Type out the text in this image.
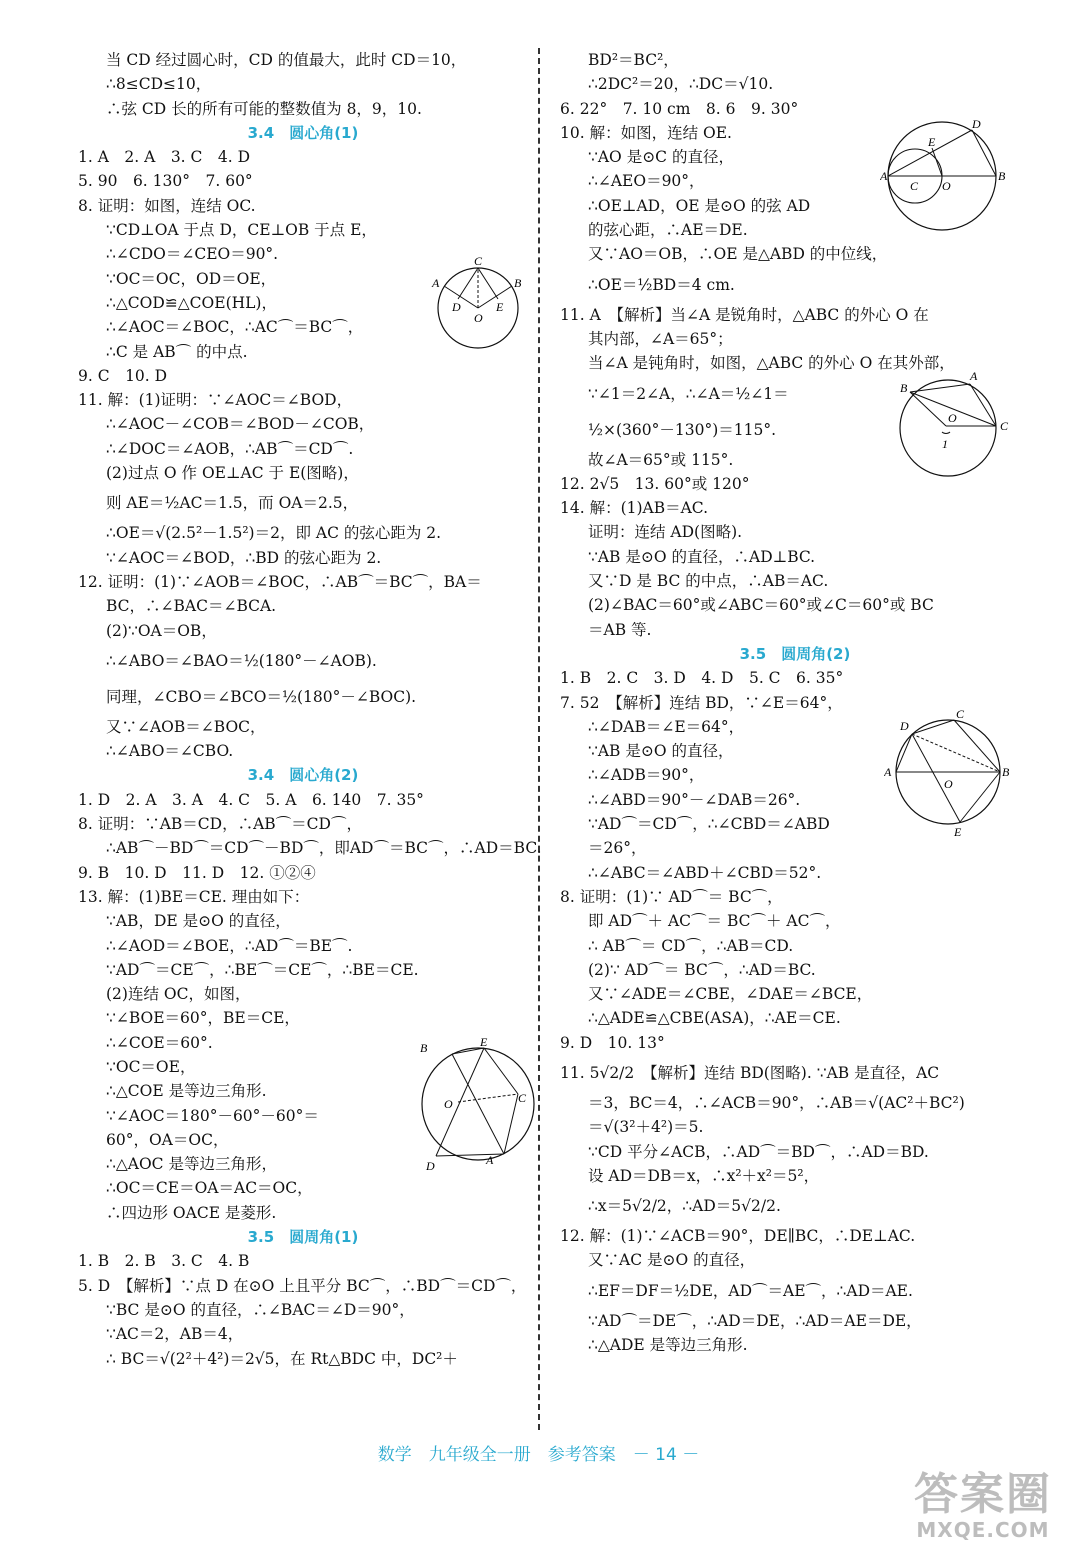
当 CD 经过圆心时，CD 的值最大，此时 CD＝10，
∴8≤CD≤10，
∴弦 CD 长的所有可能的整数值为 8，9，10.
3.4　圆心角(1)
1. A　2. A　3. C　4. D
5. 90　6. 130°　7. 60°
8. 证明：如图，连结 OC.
∵CD⊥OA 于点 D，CE⊥OB 于点 E，
∴∠CDO＝∠CEO＝90°.
∵OC＝OC，OD＝OE，
∴△COD≌△COE(HL)，
∴∠AOC＝∠BOC，∴AC⌒＝BC⌒，
∴C 是 AB⌒ 的中点.
9. C　10. D
11. 解：(1)证明：∵∠AOC＝∠BOD，
∴∠AOC－∠COB＝∠BOD－∠COB，
∴∠DOC＝∠AOB，∴AB⌒＝CD⌒.
(2)过点 O 作 OE⊥AC 于 E(图略)，
则 AE＝½AC＝1.5，而 OA＝2.5，
∴OE＝√(2.5²－1.5²)＝2，即 AC 的弦心距为 2.
∵∠AOC＝∠BOD，∴BD 的弦心距为 2.
12. 证明：(1)∵∠AOB＝∠BOC，∴AB⌒＝BC⌒，BA＝
BC，∴∠BAC＝∠BCA.
(2)∵OA＝OB，
∴∠ABO＝∠BAO＝½(180°－∠AOB).
同理，∠CBO＝∠BCO＝½(180°－∠BOC).
又∵∠AOB＝∠BOC，
∴∠ABO＝∠CBO.
3.4　圆心角(2)
1. D　2. A　3. A　4. C　5. A　6. 140　7. 35°
8. 证明：∵AB＝CD，∴AB⌒＝CD⌒，
∴AB⌒－BD⌒＝CD⌒－BD⌒，即AD⌒＝BC⌒，∴AD＝BC.
9. B　10. D　11. D　12. ①②④
13. 解：(1)BE＝CE. 理由如下：
∵AB，DE 是⊙O 的直径，
∴∠AOD＝∠BOE，∴AD⌒＝BE⌒.
∵AD⌒＝CE⌒，∴BE⌒＝CE⌒，∴BE＝CE.
(2)连结 OC，如图，
∵∠BOE＝60°，BE＝CE，
∴∠COE＝60°.
∵OC＝OE，
∴△COE 是等边三角形.
∵∠AOC＝180°－60°－60°＝
60°，OA＝OC，
∴△AOC 是等边三角形，
∴OC＝CE＝OA＝AC＝OC，
∴四边形 OACE 是菱形.
3.5　圆周角(1)
1. B　2. B　3. C　4. B
5. D　【解析】∵点 D 在⊙O 上且平分 BC⌒，∴BD⌒＝CD⌒，
∵BC 是⊙O 的直径，∴∠BAC＝∠D＝90°，
∵AC＝2，AB＝4，
∴ BC＝√(2²＋4²)＝2√5，在 Rt△BDC 中，DC²＋
BD²＝BC²，
∴2DC²＝20，∴DC＝√10.
6. 22°　7. 10 cm　8. 6　9. 30°
10. 解：如图，连结 OE.
∵AO 是⊙C 的直径，
∴∠AEO＝90°，
∴OE⊥AD，OE 是⊙O 的弦 AD
的弦心距，∴AE＝DE.
又∵AO＝OB，∴OE 是△ABD 的中位线，
∴OE＝½BD＝4 cm.
11. A　【解析】当∠A 是锐角时，△ABC 的外心 O 在
其内部，∠A＝65°；
当∠A 是钝角时，如图，△ABC 的外心 O 在其外部，
∵∠1＝2∠A，∴∠A＝½∠1＝
½×(360°－130°)＝115°.
故∠A＝65°或 115°.
12. 2√5　13. 60°或 120°
14. 解：(1)AB＝AC.
证明：连结 AD(图略).
∵AB 是⊙O 的直径，∴AD⊥BC.
又∵D 是 BC 的中点，∴AB＝AC.
(2)∠BAC＝60°或∠ABC＝60°或∠C＝60°或 BC
＝AB 等.
3.5　圆周角(2)
1. B　2. C　3. D　4. D　5. C　6. 35°
7. 52　【解析】连结 BD，∵∠E＝64°，
∴∠DAB＝∠E＝64°，
∵AB 是⊙O 的直径，
∴∠ADB＝90°，
∴∠ABD＝90°－∠DAB＝26°.
∵AD⌒＝CD⌒，∴∠CBD＝∠ABD
＝26°，
∴∠ABC＝∠ABD＋∠CBD＝52°.
8. 证明：(1)∵ AD⌒＝ BC⌒，
即 AD⌒＋ AC⌒＝ BC⌒＋ AC⌒，
∴ AB⌒＝ CD⌒，∴AB＝CD.
(2)∵ AD⌒＝ BC⌒，∴AD＝BC.
又∵∠ADE＝∠CBE，∠DAE＝∠BCE，
∴△ADE≌△CBE(ASA)，∴AE＝CE.
9. D　10. 13°
11. 5√2/2　【解析】连结 BD(图略). ∵AB 是直径，AC
＝3，BC＝4，∴∠ACB＝90°，∴AB＝√(AC²＋BC²)
＝√(3²＋4²)＝5.
∵CD 平分∠ACB，∴AD⌒＝BD⌒，∴AD＝BD.
设 AD＝DB＝x，∴x²＋x²＝5²，
∴x＝5√2/2，∴AD＝5√2/2.
12. 解：(1)∵∠ACB＝90°，DE∥BC，∴DE⊥AC.
又∵AC 是⊙O 的直径，
∴EF＝DF＝½DE，AD⌒＝AE⌒，∴AD＝AE.
∵AD⌒＝DE⌒，∴AD＝DE，∴AD＝AE＝DE，
∴△ADE 是等边三角形.
C
A	B
D	E
O
B	E
C
O
D	A
D
E
A
C O
B
B
A
C
O
1
D
C
A
O
B
E
数学　九年级全一册　参考答案　－ 14 －
答案圈
MXQE.COM
